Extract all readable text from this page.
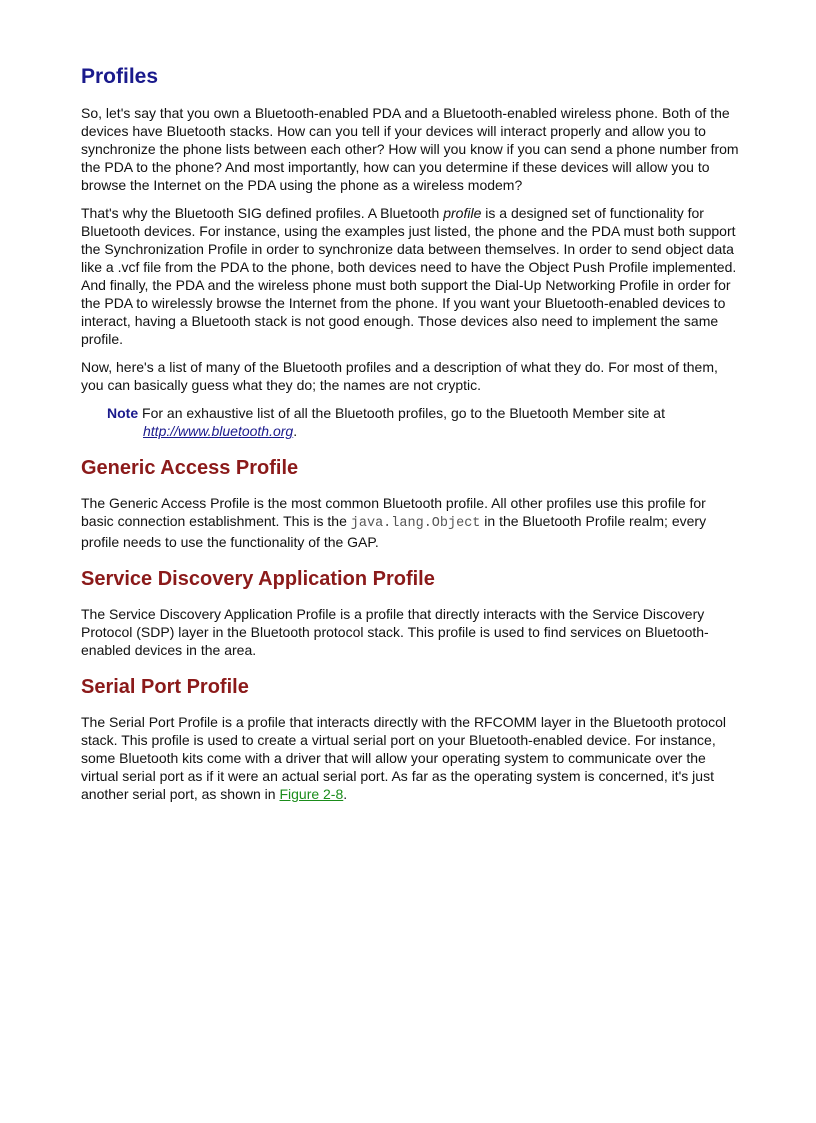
Profiles

So, let's say that you own a Bluetooth-enabled PDA and a Bluetooth-enabled wireless phone. Both of the devices have Bluetooth stacks. How can you tell if your devices will interact properly and allow you to synchronize the phone lists between each other? How will you know if you can send a phone number from the PDA to the phone? And most importantly, how can you determine if these devices will allow you to browse the Internet on the PDA using the phone as a wireless modem?

That's why the Bluetooth SIG defined profiles. A Bluetooth profile is a designed set of functionality for Bluetooth devices. For instance, using the examples just listed, the phone and the PDA must both support the Synchronization Profile in order to synchronize data between themselves. In order to send object data like a .vcf file from the PDA to the phone, both devices need to have the Object Push Profile implemented. And finally, the PDA and the wireless phone must both support the Dial-Up Networking Profile in order for the PDA to wirelessly browse the Internet from the phone. If you want your Bluetooth-enabled devices to interact, having a Bluetooth stack is not good enough. Those devices also need to implement the same profile.

Now, here's a list of many of the Bluetooth profiles and a description of what they do. For most of them, you can basically guess what they do; the names are not cryptic.

Note For an exhaustive list of all the Bluetooth profiles, go to the Bluetooth Member site at http://www.bluetooth.org.
Generic Access Profile

The Generic Access Profile is the most common Bluetooth profile. All other profiles use this profile for basic connection establishment. This is the java.lang.Object in the Bluetooth Profile realm; every profile needs to use the functionality of the GAP.

Service Discovery Application Profile

The Service Discovery Application Profile is a profile that directly interacts with the Service Discovery Protocol (SDP) layer in the Bluetooth protocol stack. This profile is used to find services on Bluetooth-enabled devices in the area.

Serial Port Profile

The Serial Port Profile is a profile that interacts directly with the RFCOMM layer in the Bluetooth protocol stack. This profile is used to create a virtual serial port on your Bluetooth-enabled device. For instance, some Bluetooth kits come with a driver that will allow your operating system to communicate over the virtual serial port as if it were an actual serial port. As far as the operating system is concerned, it's just another serial port, as shown in Figure 2-8.
